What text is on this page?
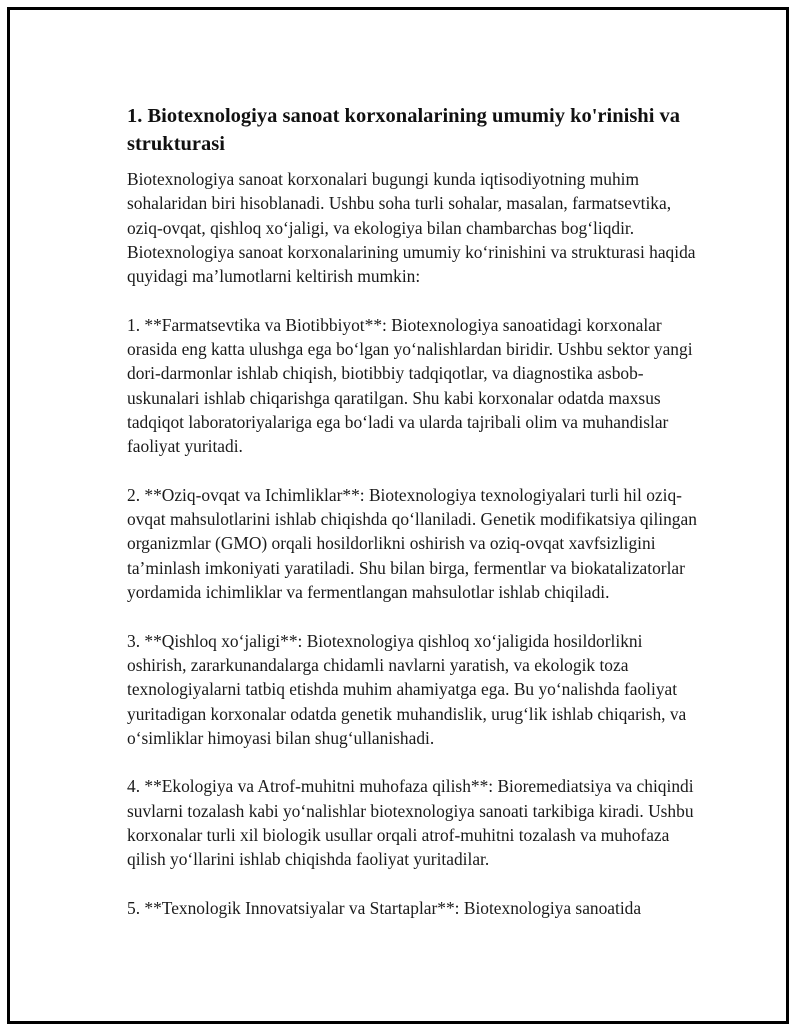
1. Biotexnologiya sanoat korxonalarining umumiy ko'rinishi va strukturasi

Biotexnologiya sanoat korxonalari bugungi kunda iqtisodiyotning muhim sohalaridan biri hisoblanadi. Ushbu soha turli sohalar, masalan, farmatsevtika, oziq-ovqat, qishloq xo‘jaligi, va ekologiya bilan chambarchas bog‘liqdir. Biotexnologiya sanoat korxonalarining umumiy ko‘rinishini va strukturasi haqida quyidagi ma’lumotlarni keltirish mumkin:

1. **Farmatsevtika va Biotibbiyot**: Biotexnologiya sanoatidagi korxonalar orasida eng katta ulushga ega bo‘lgan yo‘nalishlardan biridir. Ushbu sektor yangi dori-darmonlar ishlab chiqish, biotibbiy tadqiqotlar, va diagnostika asbob-uskunalari ishlab chiqarishga qaratilgan. Shu kabi korxonalar odatda maxsus tadqiqot laboratoriyalariga ega bo‘ladi va ularda tajribali olim va muhandislar faoliyat yuritadi.

2. **Oziq-ovqat va Ichimliklar**: Biotexnologiya texnologiyalari turli hil oziq-ovqat mahsulotlarini ishlab chiqishda qo‘llaniladi. Genetik modifikatsiya qilingan organizmlar (GMO) orqali hosildorlikni oshirish va oziq-ovqat xavfsizligini ta’minlash imkoniyati yaratiladi. Shu bilan birga, fermentlar va biokatalizatorlar yordamida ichimliklar va fermentlangan mahsulotlar ishlab chiqiladi.

3. **Qishloq xo‘jaligi**: Biotexnologiya qishloq xo‘jaligida hosildorlikni oshirish, zararkunandalarga chidamli navlarni yaratish, va ekologik toza texnologiyalarni tatbiq etishda muhim ahamiyatga ega. Bu yo‘nalishda faoliyat yuritadigan korxonalar odatda genetik muhandislik, urug‘lik ishlab chiqarish, va o‘simliklar himoyasi bilan shug‘ullanishadi.

4. **Ekologiya va Atrof-muhitni muhofaza qilish**: Bioremediatsiya va chiqindi suvlarni tozalash kabi yo‘nalishlar biotexnologiya sanoati tarkibiga kiradi. Ushbu korxonalar turli xil biologik usullar orqali atrof-muhitni tozalash va muhofaza qilish yo‘llarini ishlab chiqishda faoliyat yuritadilar.

5. **Texnologik Innovatsiyalar va Startaplar**: Biotexnologiya sanoatida
